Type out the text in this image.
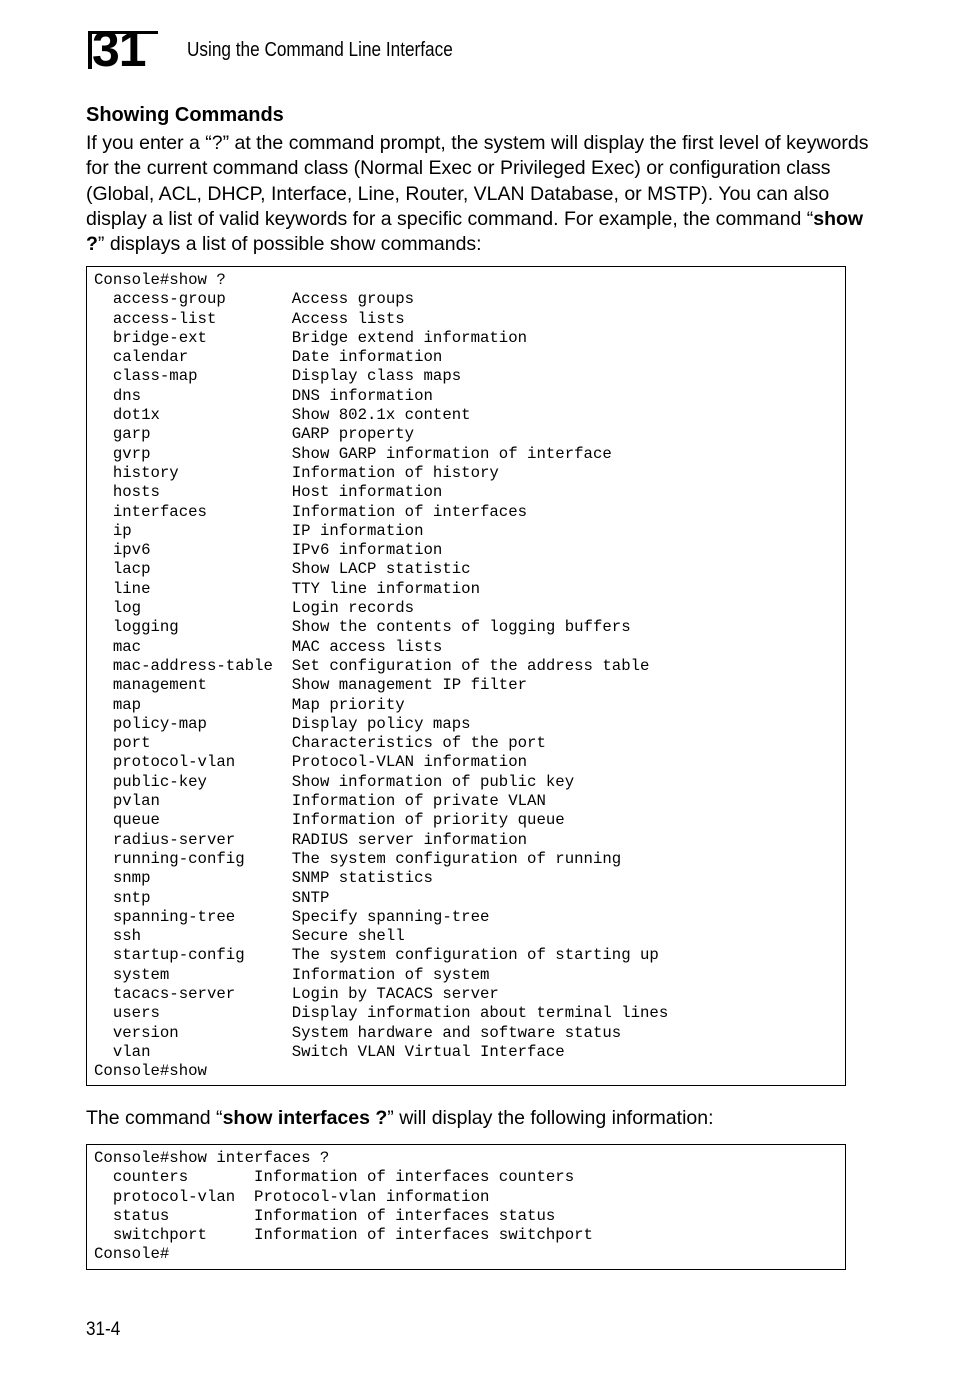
31 Using the Command Line Interface
Showing Commands

If you enter a “?” at the command prompt, the system will display the first level of keywords for the current command class (Normal Exec or Privileged Exec) or configuration class (Global, ACL, DHCP, Interface, Line, Router, VLAN Database, or MSTP). You can also display a list of valid keywords for a specific command. For example, the command “show ?” displays a list of possible show commands:

Console#show ?
access-group	Access groups
access-list	Access lists
bridge-ext	Bridge extend information
calendar	Date information
class-map	Display class maps
dns	DNS information
dot1x	Show 802.1x content
garp	GARP property
gvrp	Show GARP information of interface
history	Information of history
hosts	Host information
interfaces	Information of interfaces
ip	IP information
ipv6	IPv6 information
lacp	Show LACP statistic
line	TTY line information
log	Login records
logging	Show the contents of logging buffers
mac	MAC access lists
mac-address-table Set configuration of the address table
management	Show management IP filter
map	Map priority
policy-map	Display policy maps
port	Characteristics of the port
protocol-vlan	Protocol-VLAN information
public-key	Show information of public key
pvlan	Information of private VLAN
queue	Information of priority queue
radius-server	RADIUS server information
running-config	The system configuration of running
snmp	SNMP statistics
sntp	SNTP
spanning-tree	Specify spanning-tree
ssh	Secure shell
startup-config	The system configuration of starting up
system	Information of system
tacacs-server	Login by TACACS server
users	Display information about terminal lines
version	System hardware and software status
vlan	Switch VLAN Virtual Interface
Console#show

The command “show interfaces ?” will display the following information:

Console#show interfaces ?
counters	Information of interfaces counters
protocol-vlan Protocol-vlan information
status	Information of interfaces status
switchport	Information of interfaces switchport
Console#
31-4
